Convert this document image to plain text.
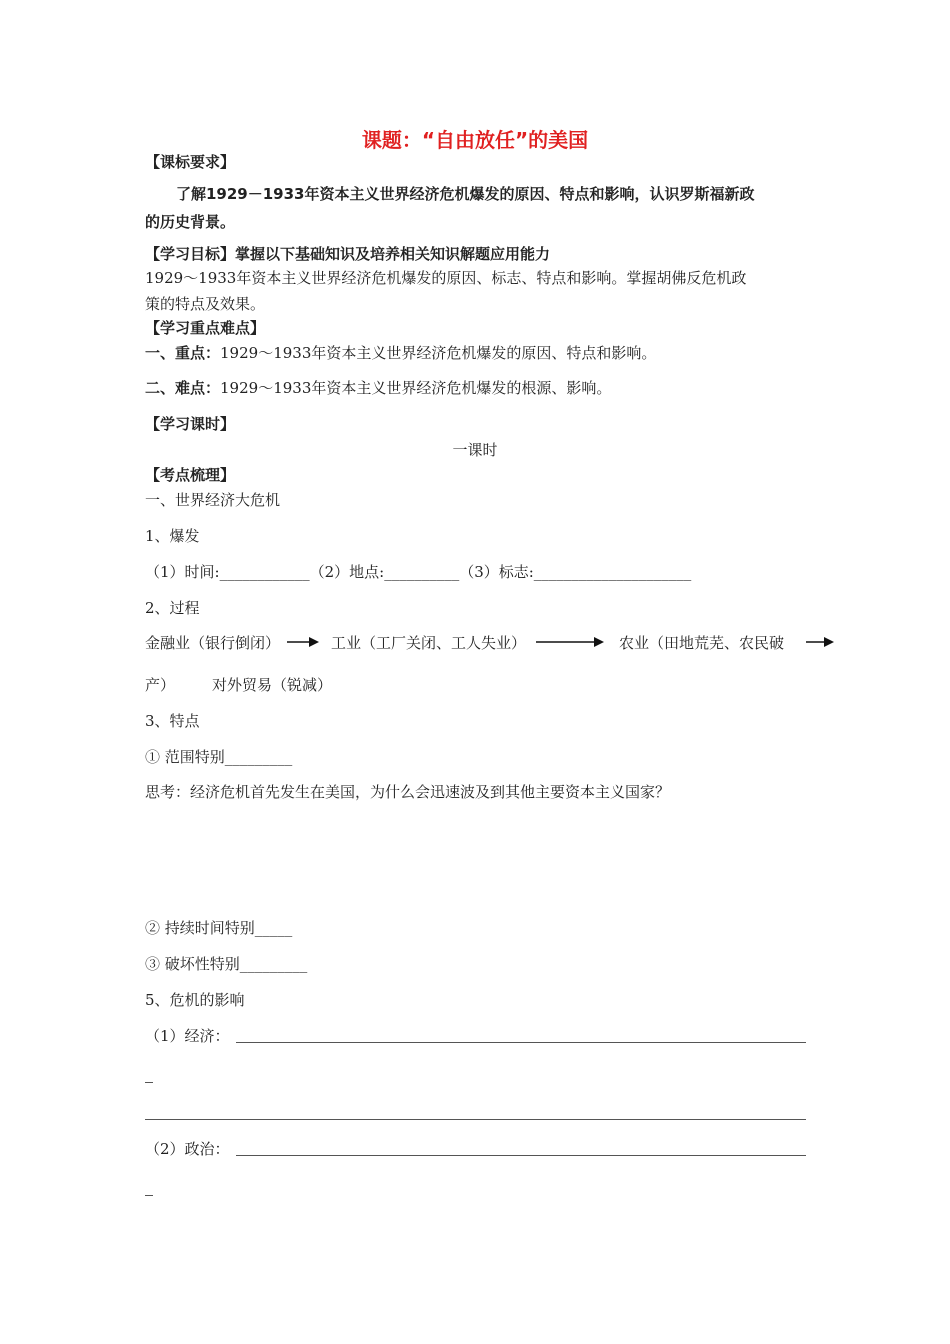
课题：“自由放任”的美国
【课标要求】
了解1929－1933年资本主义世界经济危机爆发的原因、特点和影响，认识罗斯福新政
的历史背景。
【学习目标】掌握以下基础知识及培养相关知识解题应用能力
1929～1933年资本主义世界经济危机爆发的原因、标志、特点和影响。掌握胡佛反危机政
策的特点及效果。
【学习重点难点】
一、重点：1929～1933年资本主义世界经济危机爆发的原因、特点和影响。
二、难点：1929～1933年资本主义世界经济危机爆发的根源、影响。
【学习课时】
一课时
【考点梳理】
一、世界经济大危机
1、爆发
（1）时间:____________（2）地点:__________（3）标志:_____________________
2、过程
金融业（银行倒闭）	工业（工厂关闭、工人失业）	农业（田地荒芜、农民破
产） 对外贸易（锐减）
3、特点
① 范围特别_________
思考：经济危机首先发生在美国，为什么会迅速波及到其他主要资本主义国家？
② 持续时间特别_____
③ 破坏性特别_________
5、危机的影响
（1）经济：
（2）政治：
